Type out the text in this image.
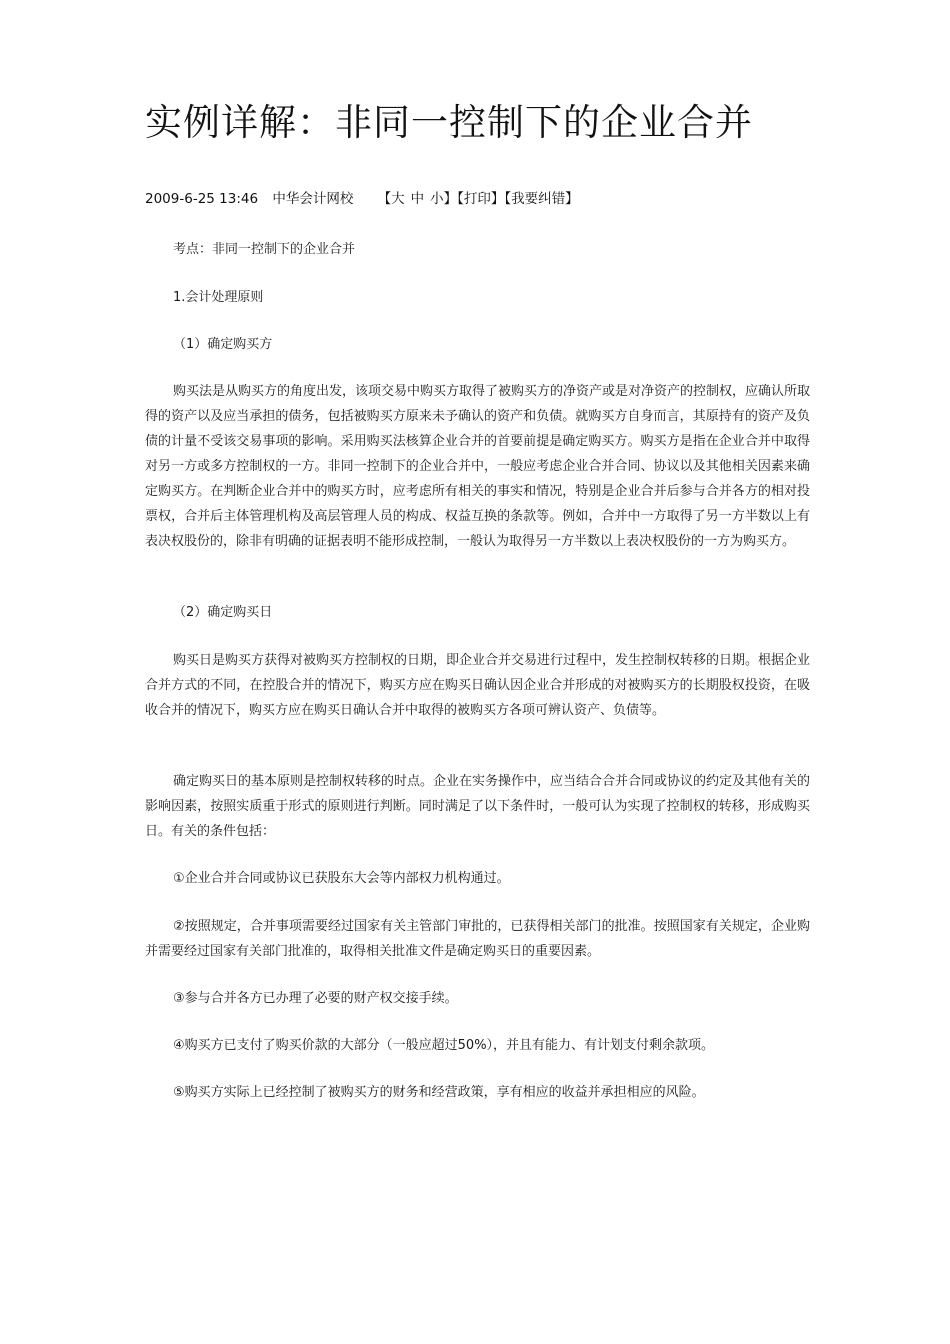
实例详解：非同一控制下的企业合并
2009-6-25 13:46 中华会计网校 【大 中 小】【打印】【我要纠错】

考点：非同一控制下的企业合并

1.会计处理原则

（1）确定购买方

购买法是从购买方的角度出发，该项交易中购买方取得了被购买方的净资产或是对净资产的控制权，应确认所取得的资产以及应当承担的债务，包括被购买方原来未予确认的资产和负债。就购买方自身而言，其原持有的资产及负债的计量不受该交易事项的影响。采用购买法核算企业合并的首要前提是确定购买方。购买方是指在企业合并中取得对另一方或多方控制权的一方。非同一控制下的企业合并中，一般应考虑企业合并合同、协议以及其他相关因素来确定购买方。在判断企业合并中的购买方时，应考虑所有相关的事实和情况，特别是企业合并后参与合并各方的相对投票权，合并后主体管理机构及高层管理人员的构成、权益互换的条款等。例如，合并中一方取得了另一方半数以上有表决权股份的，除非有明确的证据表明不能形成控制，一般认为取得另一方半数以上表决权股份的一方为购买方。

（2）确定购买日

购买日是购买方获得对被购买方控制权的日期，即企业合并交易进行过程中，发生控制权转移的日期。根据企业合并方式的不同，在控股合并的情况下，购买方应在购买日确认因企业合并形成的对被购买方的长期股权投资，在吸收合并的情况下，购买方应在购买日确认合并中取得的被购买方各项可辨认资产、负债等。

确定购买日的基本原则是控制权转移的时点。企业在实务操作中，应当结合合并合同或协议的约定及其他有关的影响因素，按照实质重于形式的原则进行判断。同时满足了以下条件时，一般可认为实现了控制权的转移，形成购买日。有关的条件包括：

①企业合并合同或协议已获股东大会等内部权力机构通过。

②按照规定，合并事项需要经过国家有关主管部门审批的，已获得相关部门的批准。按照国家有关规定，企业购并需要经过国家有关部门批准的，取得相关批准文件是确定购买日的重要因素。

③参与合并各方已办理了必要的财产权交接手续。

④购买方已支付了购买价款的大部分（一般应超过50%），并且有能力、有计划支付剩余款项。

⑤购买方实际上已经控制了被购买方的财务和经营政策，享有相应的收益并承担相应的风险。
